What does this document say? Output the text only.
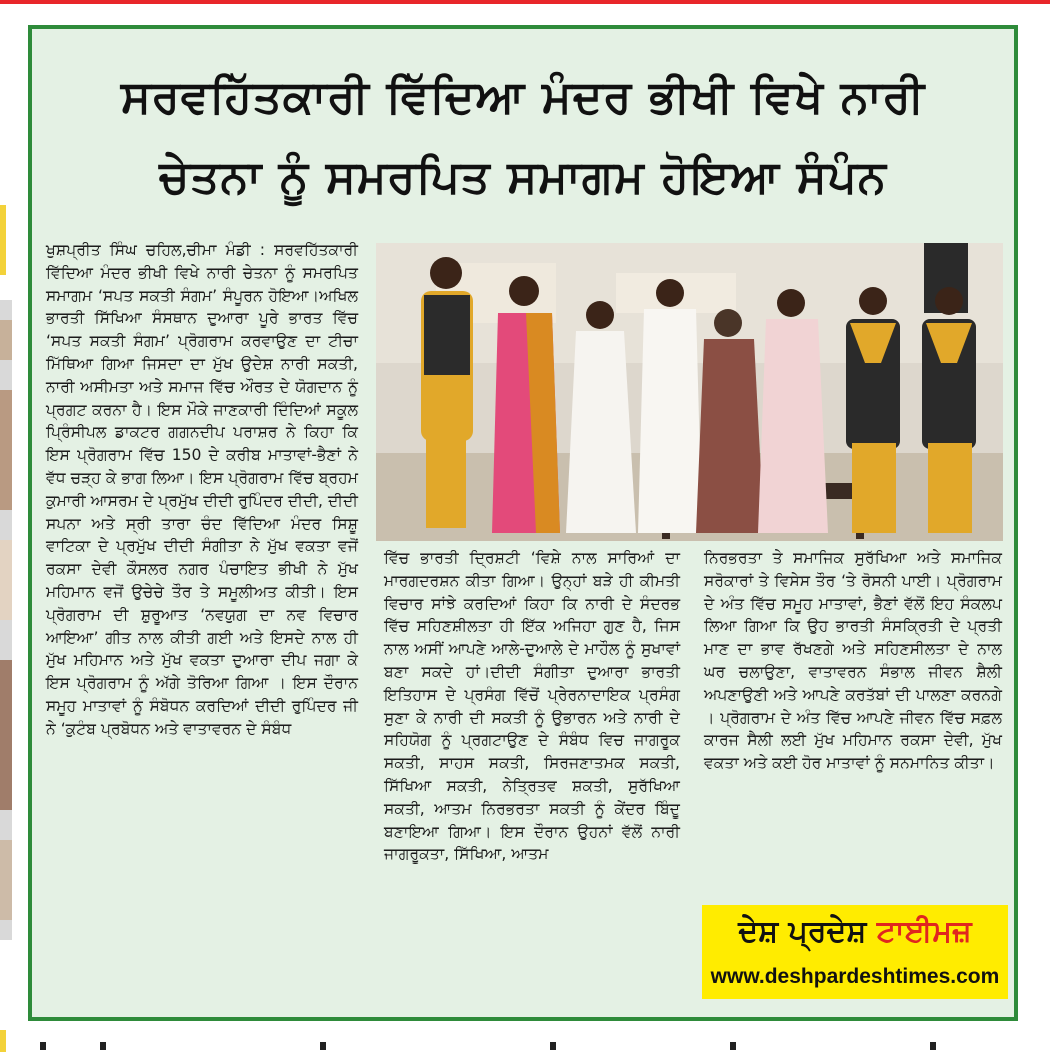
ਸਰਵਹਿੱਤਕਾਰੀ ਵਿੱਦਿਆ ਮੰਦਰ ਭੀਖੀ ਵਿਖੇ ਨਾਰੀ
ਚੇਤਨਾ ਨੂੰ ਸਮਰਪਿਤ ਸਮਾਗਮ ਹੋਇਆ ਸੰਪੰਨ

ਖੁਸ਼ਪ੍ਰੀਤ ਸਿੰਘ ਚਹਿਲ,ਚੀਮਾ ਮੰਡੀ : ਸਰਵਹਿੱਤਕਾਰੀ ਵਿੱਦਿਆ ਮੰਦਰ ਭੀਖੀ ਵਿਖੇ ਨਾਰੀ ਚੇਤਨਾ ਨੂੰ ਸਮਰਪਿਤ ਸਮਾਗਮ ‘ਸਪਤ ਸਕਤੀ ਸੰਗਮ’ ਸੰਪੂਰਨ ਹੋਇਆ।ਅਖਿਲ ਭਾਰਤੀ ਸਿੱਖਿਆ ਸੰਸਥਾਨ ਦੁਆਰਾ ਪੂਰੇ ਭਾਰਤ ਵਿੱਚ ‘ਸਪਤ ਸਕਤੀ ਸੰਗਮ’ ਪ੍ਰੋਗਰਾਮ ਕਰਵਾਉਣ ਦਾ ਟੀਚਾ ਮਿੱਥਿਆ ਗਿਆ ਜਿਸਦਾ ਦਾ ਮੁੱਖ ਉਦੇਸ਼ ਨਾਰੀ ਸਕਤੀ, ਨਾਰੀ ਅਸੀਮਤਾ ਅਤੇ ਸਮਾਜ ਵਿੱਚ ਔਰਤ ਦੇ ਯੋਗਦਾਨ ਨੂੰ ਪ੍ਰਗਟ ਕਰਨਾ ਹੈ। ਇਸ ਮੌਕੇ ਜਾਣਕਾਰੀ ਦਿੰਦਿਆਂ ਸਕੂਲ ਪ੍ਰਿੰਸੀਪਲ ਡਾਕਟਰ ਗਗਨਦੀਪ ਪਰਾਸ਼ਰ ਨੇ ਕਿਹਾ ਕਿ ਇਸ ਪ੍ਰੋਗਰਾਮ ਵਿੱਚ 150 ਦੇ ਕਰੀਬ ਮਾਤਾਵਾਂ-ਭੈਣਾਂ ਨੇ ਵੱਧ ਚੜ੍ਹ ਕੇ ਭਾਗ ਲਿਆ। ਇਸ ਪ੍ਰੋਗਰਾਮ ਵਿੱਚ ਬ੍ਰਹਮ ਕੁਮਾਰੀ ਆਸਰਮ ਦੇ ਪ੍ਰਮੁੱਖ ਦੀਦੀ ਰੁਪਿੰਦਰ ਦੀਦੀ, ਦੀਦੀ ਸਪਨਾ ਅਤੇ ਸ੍ਰੀ ਤਾਰਾ ਚੰਦ ਵਿੱਦਿਆ ਮੰਦਰ ਸਿਸ਼ੂ ਵਾਟਿਕਾ ਦੇ ਪ੍ਰਮੁੱਖ ਦੀਦੀ ਸੰਗੀਤਾ ਨੇ ਮੁੱਖ ਵਕਤਾ ਵਜੋਂ ਰਕਸਾ ਦੇਵੀ ਕੌਸਲਰ ਨਗਰ ਪੰਚਾਇਤ ਭੀਖੀ ਨੇ ਮੁੱਖ ਮਹਿਮਾਨ ਵਜੋਂ ਉਚੇਚੇ ਤੌਰ ਤੇ ਸਮੂਲੀਅਤ ਕੀਤੀ। ਇਸ ਪ੍ਰੋਗਰਾਮ ਦੀ ਸ਼ੁਰੂਆਤ ‘ਨਵਯੁਗ ਦਾ ਨਵ ਵਿਚਾਰ ਆਇਆ’ ਗੀਤ ਨਾਲ ਕੀਤੀ ਗਈ ਅਤੇ ਇਸਦੇ ਨਾਲ ਹੀ ਮੁੱਖ ਮਹਿਮਾਨ ਅਤੇ ਮੁੱਖ ਵਕਤਾ ਦੁਆਰਾ ਦੀਪ ਜਗਾ ਕੇ ਇਸ ਪ੍ਰੋਗਰਾਮ ਨੂੰ ਅੱਗੇ ਤੋਰਿਆ ਗਿਆ । ਇਸ ਦੌਰਾਨ ਸਮੂਹ ਮਾਤਾਵਾਂ ਨੂੰ ਸੰਬੋਧਨ ਕਰਦਿਆਂ ਦੀਦੀ ਰੁਪਿੰਦਰ ਜੀ ਨੇ ‘ਕੁਟੰਬ ਪ੍ਰਬੋਧਨ ਅਤੇ ਵਾਤਾਵਰਨ ਦੇ ਸੰਬੰਧ

ਵਿੱਚ ਭਾਰਤੀ ਦ੍ਰਿਸ਼ਟੀ ‘ਵਿਸ਼ੇ ਨਾਲ ਸਾਰਿਆਂ ਦਾ ਮਾਰਗਦਰਸ਼ਨ ਕੀਤਾ ਗਿਆ। ਉਨ੍ਹਾਂ ਬੜੇ ਹੀ ਕੀਮਤੀ ਵਿਚਾਰ ਸਾਂਝੇ ਕਰਦਿਆਂ ਕਿਹਾ ਕਿ ਨਾਰੀ ਦੇ ਸੰਦਰਭ ਵਿੱਚ ਸਹਿਣਸ਼ੀਲਤਾ ਹੀ ਇੱਕ ਅਜਿਹਾ ਗੁਣ ਹੈ, ਜਿਸ ਨਾਲ ਅਸੀਂ ਆਪਣੇ ਆਲੇ-ਦੁਆਲੇ ਦੇ ਮਾਹੌਲ ਨੂੰ ਸੁਖਾਵਾਂ ਬਣਾ ਸਕਦੇ ਹਾਂ।ਦੀਦੀ ਸੰਗੀਤਾ ਦੁਆਰਾ ਭਾਰਤੀ ਇਤਿਹਾਸ ਦੇ ਪ੍ਰਸੰਗ ਵਿੱਚੋਂ ਪ੍ਰੇਰਨਾਦਾਇਕ ਪ੍ਰਸੰਗ ਸੁਣਾ ਕੇ ਨਾਰੀ ਦੀ ਸਕਤੀ ਨੂੰ ਉਭਾਰਨ ਅਤੇ ਨਾਰੀ ਦੇ ਸਹਿਯੋਗ ਨੂੰ ਪ੍ਰਗਟਾਉਣ ਦੇ ਸੰਬੰਧ ਵਿਚ ਜਾਗਰੂਕ ਸਕਤੀ, ਸਾਹਸ ਸਕਤੀ, ਸਿਰਜਣਾਤਮਕ ਸਕਤੀ, ਸਿੱਖਿਆ ਸਕਤੀ, ਨੇਤ੍ਰਿਤਵ ਸ਼ਕਤੀ, ਸੁਰੱਖਿਆ ਸਕਤੀ, ਆਤਮ ਨਿਰਭਰਤਾ ਸਕਤੀ ਨੂੰ ਕੇਂਦਰ ਬਿੰਦੂ ਬਣਾਇਆ ਗਿਆ। ਇਸ ਦੌਰਾਨ ਉਹਨਾਂ ਵੱਲੋਂ ਨਾਰੀ ਜਾਗਰੂਕਤਾ, ਸਿੱਖਿਆ, ਆਤਮ

ਨਿਰਭਰਤਾ ਤੇ ਸਮਾਜਿਕ ਸੁਰੱਖਿਆ ਅਤੇ ਸਮਾਜਿਕ ਸਰੋਕਾਰਾਂ ਤੇ ਵਿਸੇਸ ਤੌਰ ‘ਤੇ ਰੋਸਨੀ ਪਾਈ। ਪ੍ਰੋਗਰਾਮ ਦੇ ਅੰਤ ਵਿੱਚ ਸਮੂਹ ਮਾਤਾਵਾਂ, ਭੈਣਾਂ ਵੱਲੋਂ ਇਹ ਸੰਕਲਪ ਲਿਆ ਗਿਆ ਕਿ ਉਹ ਭਾਰਤੀ ਸੰਸਕ੍ਰਿਤੀ ਦੇ ਪ੍ਰਤੀ ਮਾਣ ਦਾ ਭਾਵ ਰੱਖਣਗੇ ਅਤੇ ਸਹਿਣਸੀਲਤਾ ਦੇ ਨਾਲ ਘਰ ਚਲਾਉਣਾ, ਵਾਤਾਵਰਨ ਸੰਭਾਲ ਜੀਵਨ ਸ਼ੈਲੀ ਅਪਣਾਉਣੀ ਅਤੇ ਆਪਣੇ ਕਰਤੱਬਾਂ ਦੀ ਪਾਲਣਾ ਕਰਨਗੇ । ਪ੍ਰੋਗਰਾਮ ਦੇ ਅੰਤ ਵਿੱਚ ਆਪਣੇ ਜੀਵਨ ਵਿੱਚ ਸਫ਼ਲ ਕਾਰਜ ਸੈਲੀ ਲਈ ਮੁੱਖ ਮਹਿਮਾਨ ਰਕਸਾ ਦੇਵੀ, ਮੁੱਖ ਵਕਤਾ ਅਤੇ ਕਈ ਹੋਰ ਮਾਤਾਵਾਂ ਨੂੰ ਸਨਮਾਨਿਤ ਕੀਤਾ।

ਦੇਸ਼ ਪ੍ਰਦੇਸ਼ ਟਾਈਮਜ਼
www.deshpardeshtimes.com
